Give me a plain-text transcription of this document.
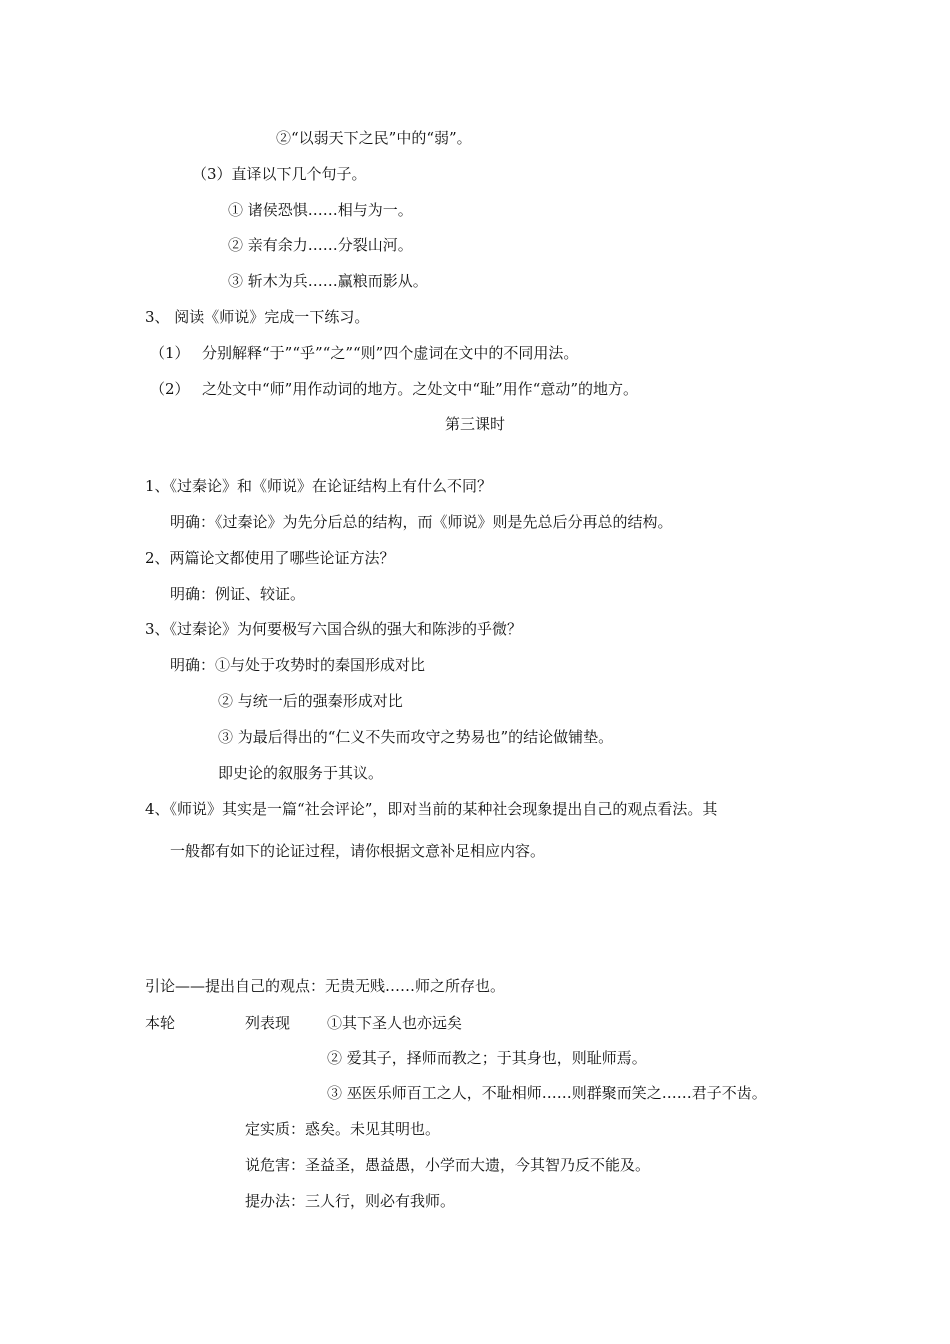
②“以弱天下之民”中的“弱”。
（3）直译以下几个句子。
① 诸侯恐惧……相与为一。
② 亲有余力……分裂山河。
③ 斩木为兵……赢粮而影从。
3、 阅读《师说》完成一下练习。
（1） 分别解释“于”“乎”“之”“则”四个虚词在文中的不同用法。
（2） 之处文中“师”用作动词的地方。之处文中“耻”用作“意动”的地方。
第三课时
1、《过秦论》和《师说》在论证结构上有什么不同？
明确：《过秦论》为先分后总的结构，而《师说》则是先总后分再总的结构。
2、两篇论文都使用了哪些论证方法？
明确：例证、较证。
3、《过秦论》为何要极写六国合纵的强大和陈涉的乎微？
明确：①与处于攻势时的秦国形成对比
② 与统一后的强秦形成对比
③ 为最后得出的“仁义不失而攻守之势易也”的结论做铺垫。
即史论的叙服务于其议。
4、《师说》其实是一篇“社会评论”，即对当前的某种社会现象提出自己的观点看法。其
一般都有如下的论证过程，请你根据文意补足相应内容。
引论——提出自己的观点：无贵无贱……师之所存也。
本轮	列表现 ①其下圣人也亦远矣
② 爱其子，择师而教之；于其身也，则耻师焉。
③ 巫医乐师百工之人，不耻相师……则群聚而笑之……君子不齿。
定实质：惑矣。未见其明也。
说危害：圣益圣，愚益愚，小学而大遗，今其智乃反不能及。
提办法：三人行，则必有我师。
